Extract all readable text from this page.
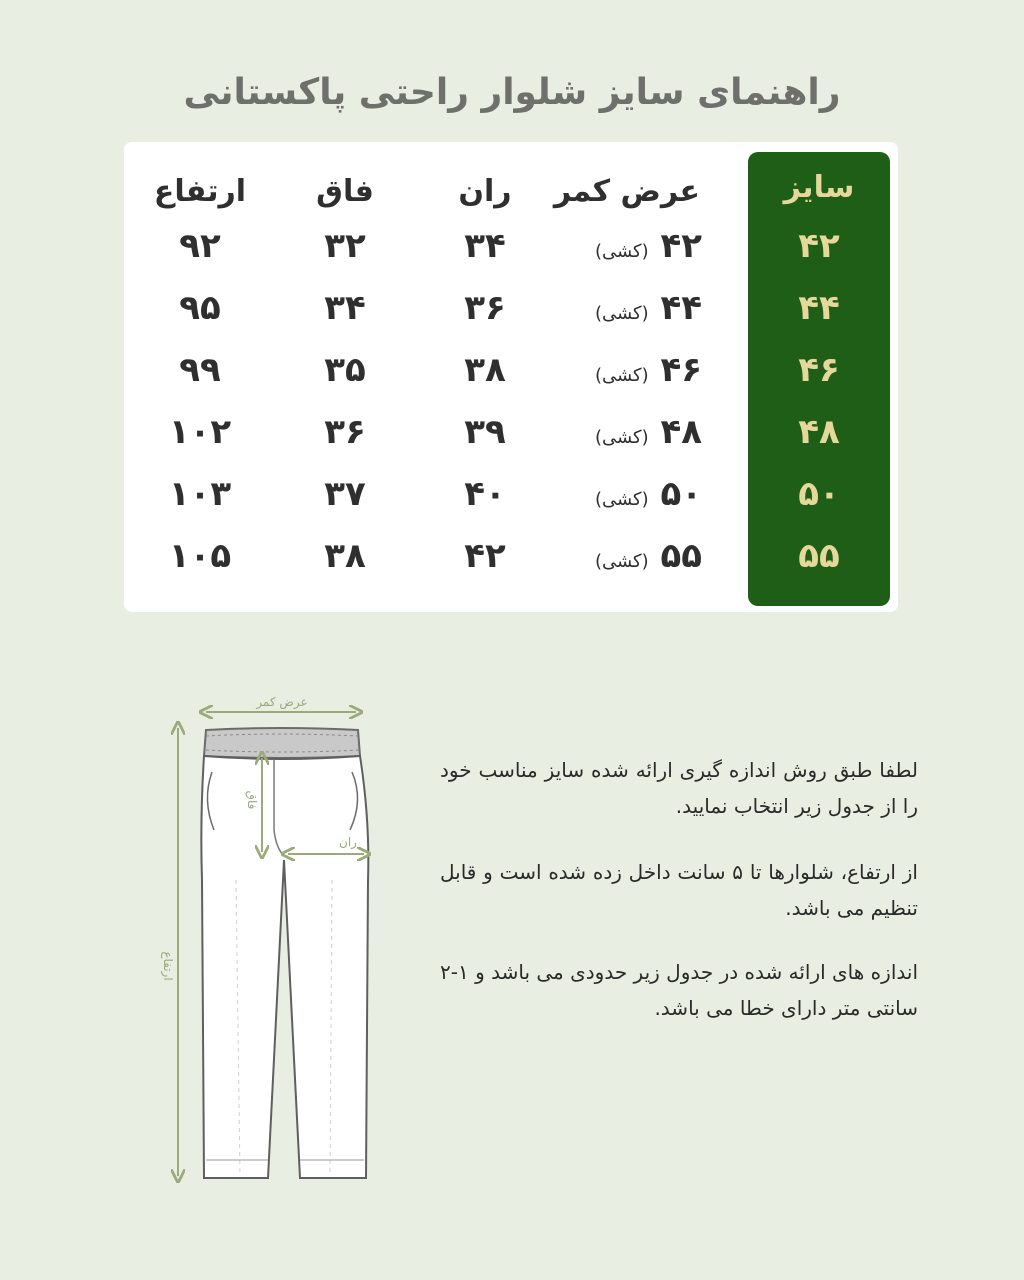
راهنمای سایز شلوار راحتی پاکستانی
سایز
عرض کمر
ران
فاق
ارتفاع
۴۲
۴۲ (کشی)
۳۴
۳۲
۹۲
۴۴
۴۴ (کشی)
۳۶
۳۴
۹۵
۴۶
۴۶ (کشی)
۳۸
۳۵
۹۹
۴۸
۴۸ (کشی)
۳۹
۳۶
۱۰۲
۵۰
۵۰ (کشی)
۴۰
۳۷
۱۰۳
۵۵
۵۵ (کشی)
۴۲
۳۸
۱۰۵
عرض کمر
فاق
ران
ارتفاع
لطفا طبق روش اندازه گیری ارائه شده سایز مناسب خود را از جدول زیر انتخاب نمایید.
از ارتفاع، شلوارها تا ۵ سانت داخل زده شده است و قابل تنظیم می باشد.
اندازه های ارائه شده در جدول زیر حدودی می باشد و ۱-۲ سانتی متر دارای خطا می باشد.
